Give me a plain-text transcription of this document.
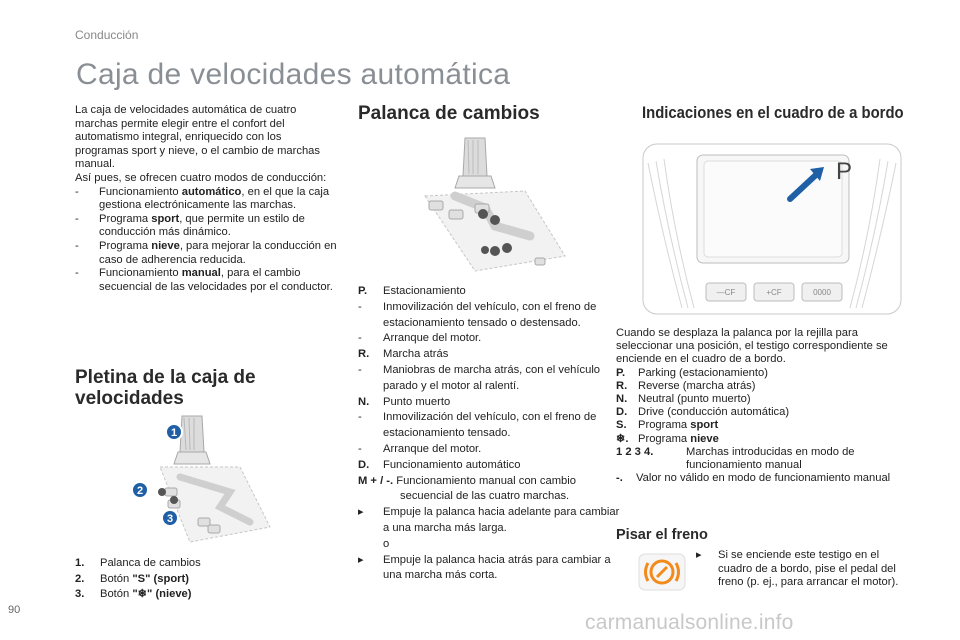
Conducción
Caja de velocidades automática

La caja de velocidades automática de cuatro marchas permite elegir entre el confort del automatismo integral, enriquecido con los programas sport y nieve, o el cambio de marchas manual.

Así pues, se ofrecen cuatro modos de conducción:

- Funcionamiento automático, en el que la caja gestiona electrónicamente las marchas.
- Programa sport, que permite un estilo de conducción más dinámico.
- Programa nieve, para mejorar la conducción en caso de adherencia reducida.
- Funcionamiento manual, para el cambio secuencial de las velocidades por el conductor.
Pletina de la caja de velocidades
1
2
3
1. Palanca de cambios
2. Botón "S" (sport)
3. Botón "❄" (nieve)
Palanca de cambios
P. Estacionamiento
- Inmovilización del vehículo, con el freno de estacionamiento tensado o destensado.
- Arranque del motor.
R. Marcha atrás
- Maniobras de marcha atrás, con el vehículo parado y el motor al ralentí.
N. Punto muerto
- Inmovilización del vehículo, con el freno de estacionamiento tensado.
- Arranque del motor.
D. Funcionamiento automático
M + / -. Funcionamiento manual con cambio secuencial de las cuatro marchas.
▸ Empuje la palanca hacia adelante para cambiar a una marcha más larga.
o
▸ Empuje la palanca hacia atrás para cambiar a una marcha más corta.
Indicaciones en el cuadro de a bordo
P
—CF	+CF	0000
Cuando se desplaza la palanca por la rejilla para seleccionar una posición, el testigo correspondiente se enciende en el cuadro de a bordo.
P. Parking (estacionamiento)
R. Reverse (marcha atrás)
N. Neutral (punto muerto)
D. Drive (conducción automática)
S. Programa sport
❄. Programa nieve
1 2 3 4.	Marchas introducidas en modo de funcionamiento manual
-. Valor no válido en modo de funcionamiento manual
Pisar el freno
▸ Si se enciende este testigo en el cuadro de a bordo, pise el pedal del freno (p. ej., para arrancar el motor).
90
carmanualsonline.info
